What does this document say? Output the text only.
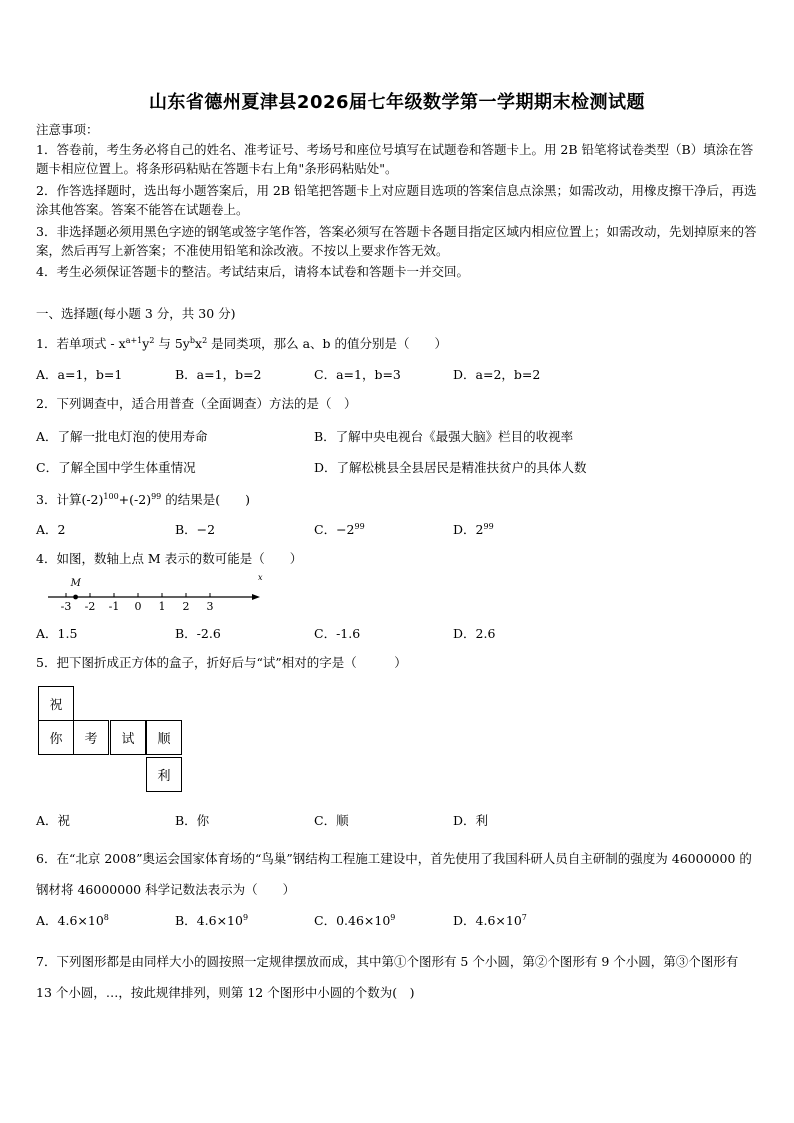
山东省德州夏津县2026届七年级数学第一学期期末检测试题
注意事项：
1．答卷前，考生务必将自己的姓名、准考证号、考场号和座位号填写在试题卷和答题卡上。用 2B 铅笔将试卷类型（B）填涂在答题卡相应位置上。将条形码粘贴在答题卡右上角"条形码粘贴处"。
2．作答选择题时，选出每小题答案后，用 2B 铅笔把答题卡上对应题目选项的答案信息点涂黑；如需改动，用橡皮擦干净后，再选涂其他答案。答案不能答在试题卷上。
3．非选择题必须用黑色字迹的钢笔或签字笔作答，答案必须写在答题卡各题目指定区域内相应位置上；如需改动，先划掉原来的答案，然后再写上新答案；不准使用铅笔和涂改液。不按以上要求作答无效。
4．考生必须保证答题卡的整洁。考试结束后，请将本试卷和答题卡一并交回。
一、选择题(每小题 3 分，共 30 分)
1．若单项式 - $x^{a+1}y^2$ 与 $5y^bx^2$ 是同类项，那么 a、b 的值分别是（　　）
A．a=1，b=1	B．a=1，b=2	C．a=1，b=3	D．a=2，b=2
2．下列调查中，适合用普查（全面调查）方法的是（　）
A．了解一批电灯泡的使用寿命	B．了解中央电视台《最强大脑》栏目的收视率
C．了解全国中学生体重情况	D．了解松桃县全县居民是精准扶贫户的具体人数
3．计算$(-2)^{100}+(-2)^{99}$ 的结果是(　　)
A．2	B．−2	C．$-2^{99}$	D．$2^{99}$
4．如图，数轴上点 M 表示的数可能是（　　）
x
M
-3 -2 -1 0 1 2 3
A．1.5	B．-2.6	C．-1.6	D．2.6
5．把下图折成正方体的盒子，折好后与“试”相对的字是（　　　）
祝
你	考	试	顺
利
A．祝	B．你	C．顺	D．利
6．在“北京 2008”奥运会国家体育场的“鸟巢”钢结构工程施工建设中，首先使用了我国科研人员自主研制的强度为 46000000 的钢材将 46000000 科学记数法表示为（　　）
A．$4.6\times 10^8$	B．$4.6\times 10^9$	C．$0.46\times 10^9$	D．$4.6\times 10^7$
7．下列图形都是由同样大小的圆按照一定规律摆放而成，其中第①个图形有 5 个小圆，第②个图形有 9 个小圆，第③个图形有 13 个小圆，…，按此规律排列，则第 12 个图形中小圆的个数为(　)
